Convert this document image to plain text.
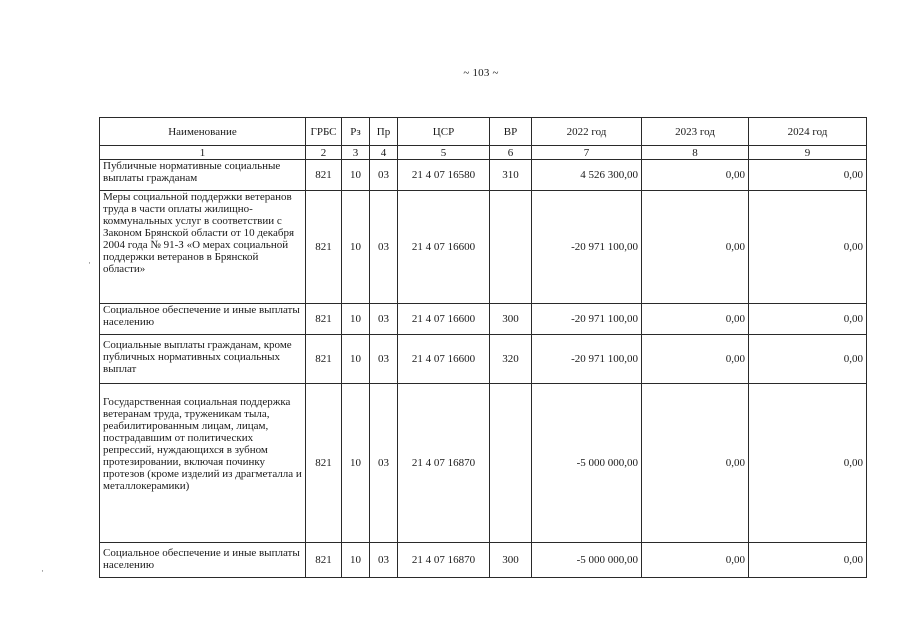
~ 103 ~
Наименование	ГРБС	Рз	Пр	ЦСР	ВР	2022 год	2023 год	2024 год
1	2	3	4	5	6	7	8	9
Публичные нормативные социальные выплаты гражданам	821	10	03	21 4 07 16580	310	4 526 300,00	0,00	0,00
Меры социальной поддержки ветеранов труда в части оплаты жилищно-коммунальных услуг в соответствии с Законом Брянской области от 10 декабря 2004 года № 91-З «О мерах социальной поддержки ветеранов в Брянской области»	821	10	03	21 4 07 16600		-20 971 100,00	0,00	0,00
Социальное обеспечение и иные выплаты населению	821	10	03	21 4 07 16600	300	-20 971 100,00	0,00	0,00
Социальные выплаты гражданам, кроме публичных нормативных социальных выплат	821	10	03	21 4 07 16600	320	-20 971 100,00	0,00	0,00
Государственная социальная поддержка ветеранам труда, труженикам тыла, реабилитированным лицам, лицам, пострадавшим от политических репрессий, нуждающихся в зубном протезировании, включая починку протезов (кроме изделий из драгметалла и металлокерамики)	821	10	03	21 4 07 16870		-5 000 000,00	0,00	0,00
Социальное обеспечение и иные выплаты населению	821	10	03	21 4 07 16870	300	-5 000 000,00	0,00	0,00
·
·
